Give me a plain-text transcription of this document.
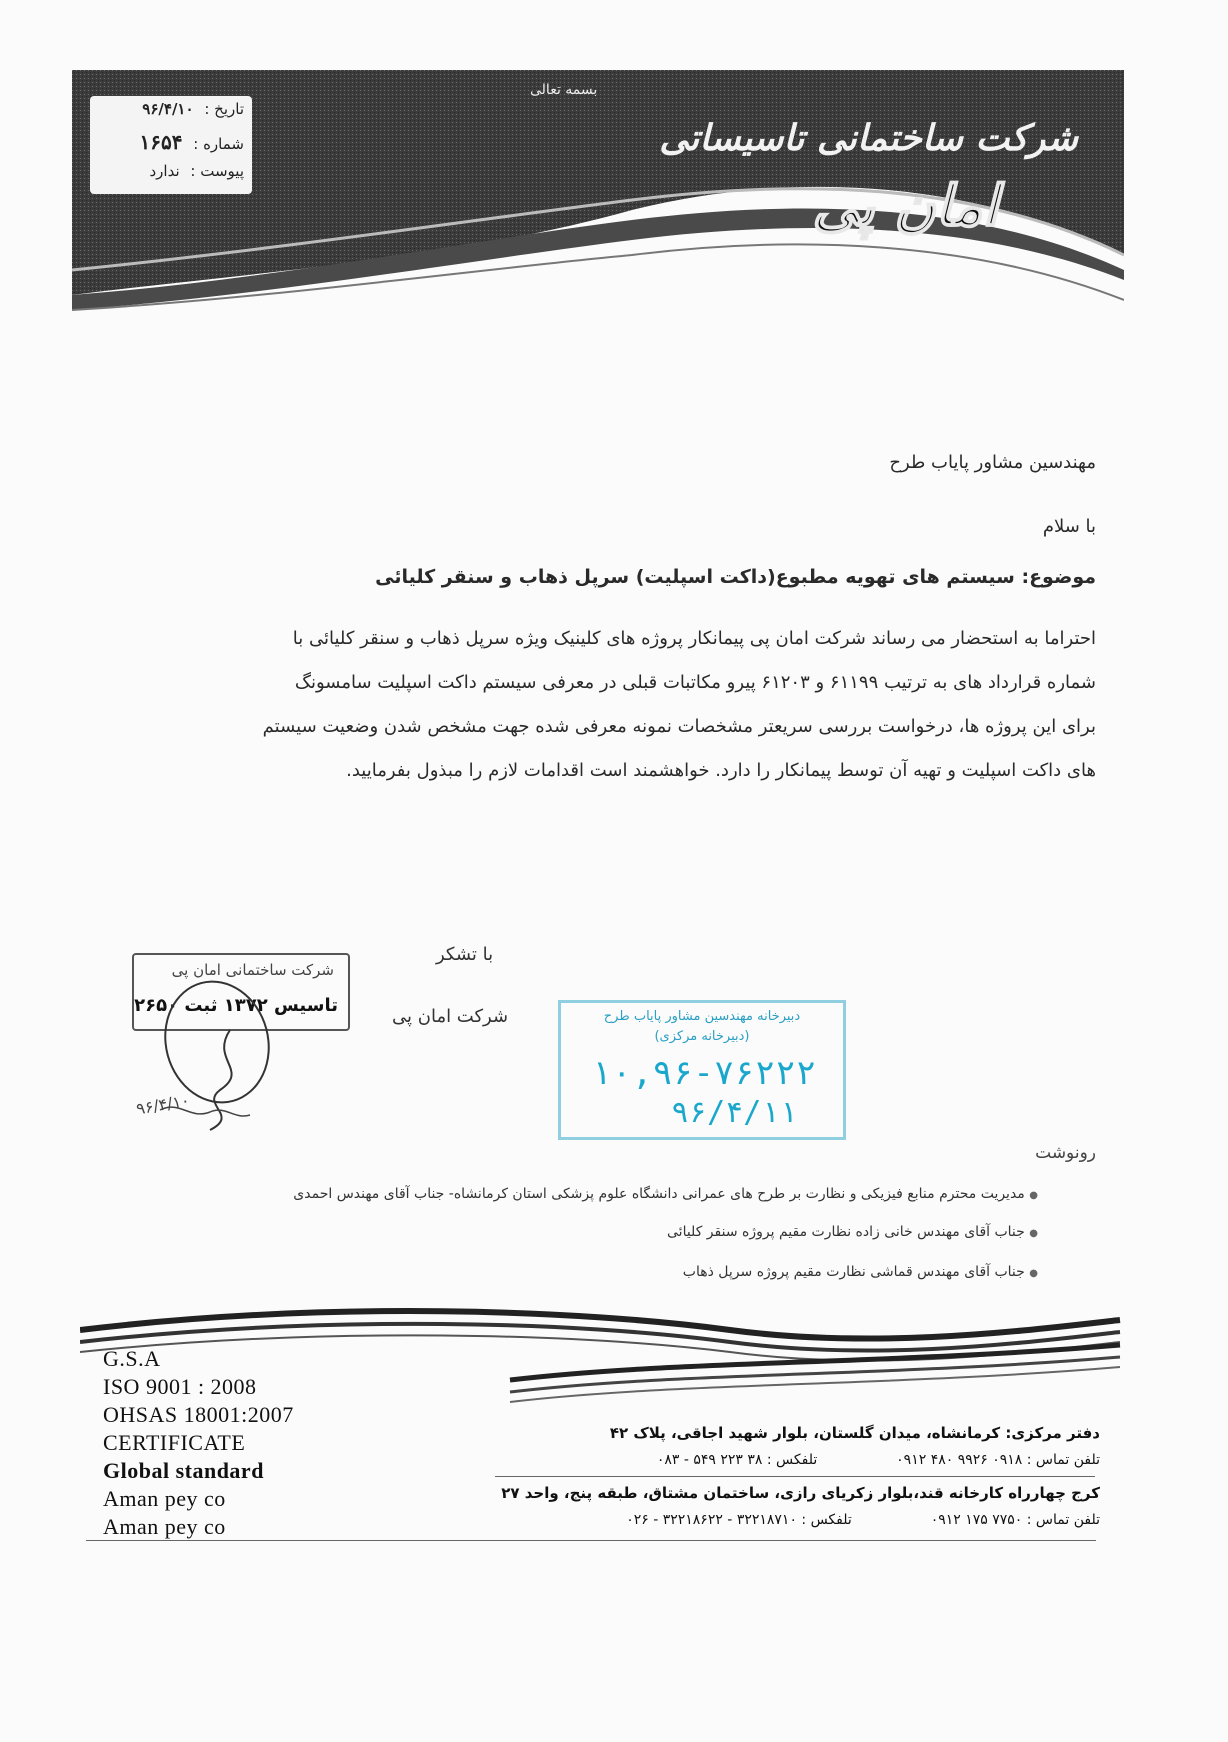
بسمه تعالی
شرکت ساختمانی تاسیساتی
امان پی
تاریخ : ۹۶/۴/۱۰
شماره : ۱۶۵۴
پیوست : ندارد
مهندسین مشاور پایاب طرح
با سلام
موضوع: سیستم های تهویه مطبوع(داکت اسپلیت) سرپل ذهاب و سنقر کلیائی
احتراما به استحضار می رساند شرکت امان پی پیمانکار پروژه های کلینیک ویژه سرپل ذهاب و سنقر کلیائی با
شماره قرارداد های به ترتیب ۶۱۱۹۹ و ۶۱۲۰۳ پیرو مکاتبات قبلی در معرفی سیستم داکت اسپلیت سامسونگ
برای این پروژه ها، درخواست بررسی سریعتر مشخصات نمونه معرفی شده جهت مشخص شدن وضعیت سیستم
های داکت اسپلیت و تهیه آن توسط پیمانکار را دارد. خواهشمند است اقدامات لازم را مبذول بفرمایید.
با تشکر
شرکت امان پی
شرکت ساختمانی امان پی
تاسیس ۱۳۷۲ ثبت ۲۶۵۰
۹۶/۴/۱۰
دبیرخانه مهندسین مشاور پایاب طرح
(دبیرخانه مرکزی)
۱۰,۹۶-۷۶۲۲۲
۹۶/۴/۱۱
رونوشت
● مدیریت محترم منابع فیزیکی و نظارت بر طرح های عمرانی دانشگاه علوم پزشکی استان کرمانشاه- جناب آقای مهندس احمدی
● جناب آقای مهندس خانی زاده نظارت مقیم پروژه سنقر کلیائی
● جناب آقای مهندس قماشی نظارت مقیم پروژه سرپل ذهاب
G.S.A
ISO 9001 : 2008
OHSAS 18001:2007
CERTIFICATE
Global standard
Aman pey co
Aman pey co
دفتر مرکزی: کرمانشاه، میدان گلستان، بلوار شهید اجاقی، پلاک ۴۲
تلفن تماس : ۰۹۱۸ ۹۹۲۶ ۴۸۰ ۰۹۱۲  تلفکس : ۳۸ ۲۲۳ ۵۴۹ - ۰۸۳
کرج چهارراه کارخانه قند،بلوار زکریای رازی، ساختمان مشتاق، طبقه پنج، واحد ۲۷
تلفن تماس : ۷۷۵۰ ۱۷۵ ۰۹۱۲  تلفکس : ۳۲۲۱۸۷۱۰ - ۳۲۲۱۸۶۲۲ - ۰۲۶
